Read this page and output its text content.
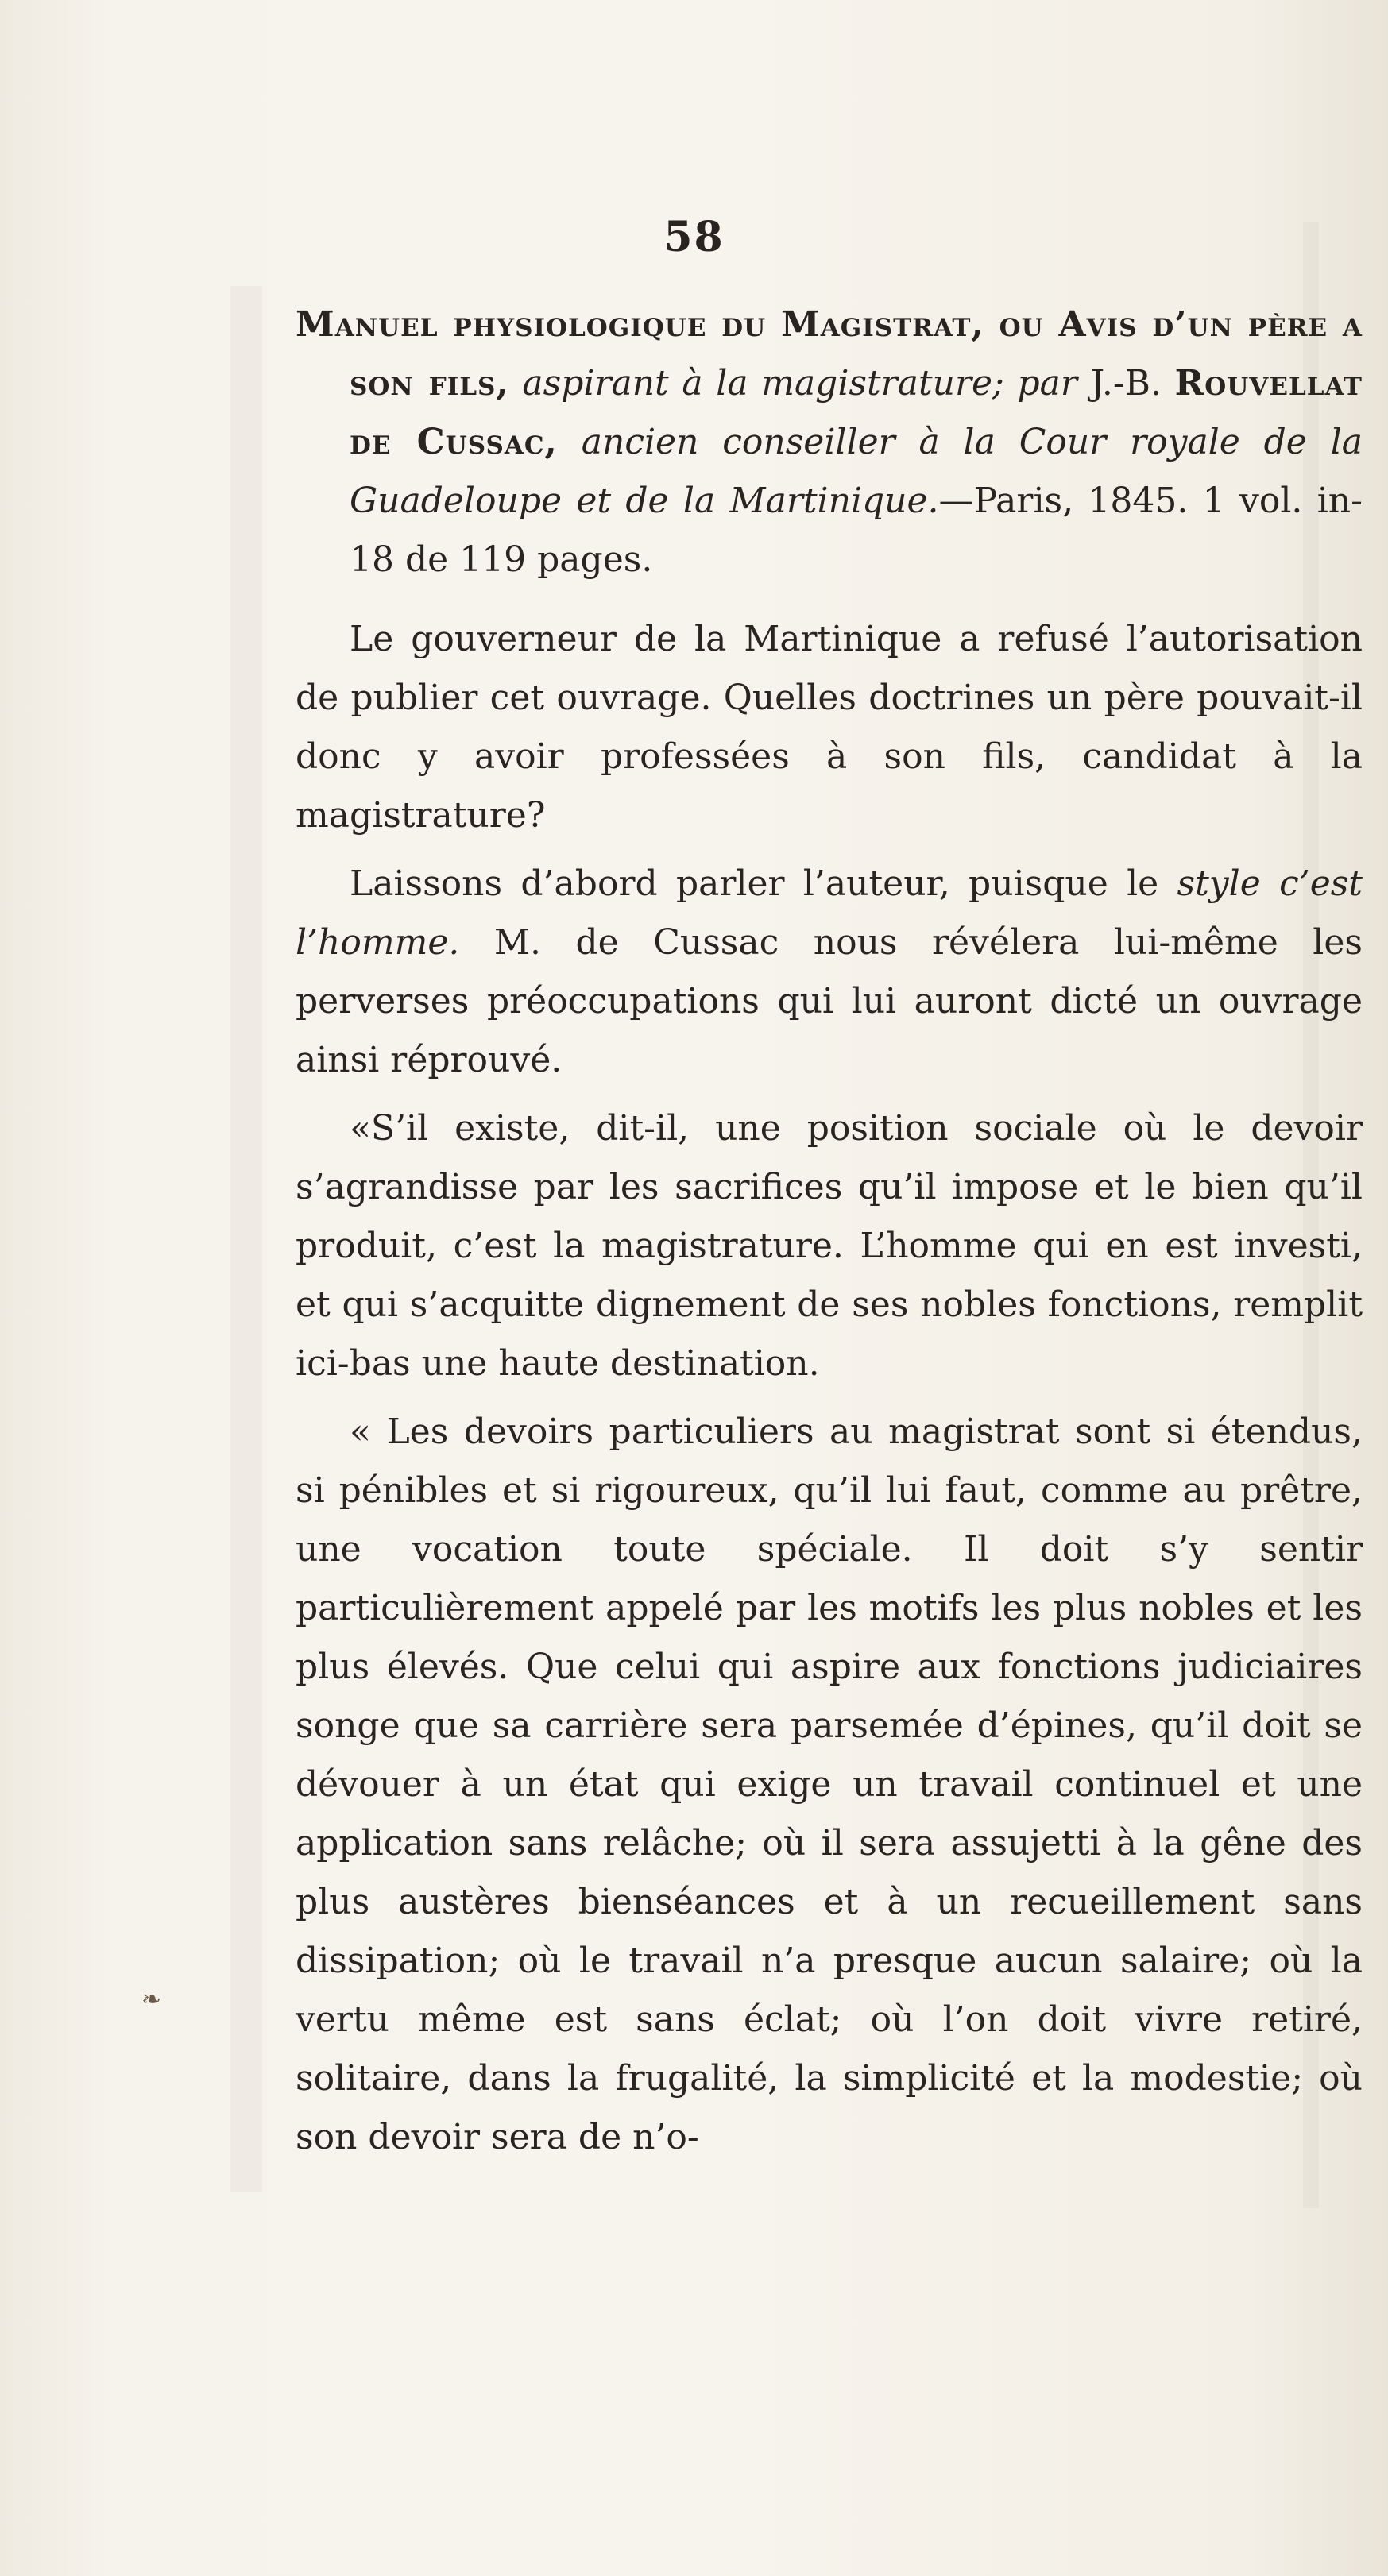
58

Manuel physiologique du Magistrat, ou Avis d’un père a son fils, aspirant à la magistrature; par J.-B. Rouvellat de Cussac, ancien conseiller à la Cour royale de la Guadeloupe et de la Martinique.—Paris, 1845. 1 vol. in-18 de 119 pages.

Le gouverneur de la Martinique a refusé l’autorisation de publier cet ouvrage. Quelles doctrines un père pouvait-il donc y avoir professées à son fils, candidat à la magistrature?

Laissons d’abord parler l’auteur, puisque le style c’est l’homme. M. de Cussac nous révélera lui-même les perverses préoccupations qui lui auront dicté un ouvrage ainsi réprouvé.

«S’il existe, dit-il, une position sociale où le devoir s’agrandisse par les sacrifices qu’il impose et le bien qu’il produit, c’est la magistrature. L’homme qui en est investi, et qui s’acquitte dignement de ses nobles fonctions, remplit ici-bas une haute destination.

« Les devoirs particuliers au magistrat sont si étendus, si pénibles et si rigoureux, qu’il lui faut, comme au prêtre, une vocation toute spéciale. Il doit s’y sentir particulièrement appelé par les motifs les plus nobles et les plus élevés. Que celui qui aspire aux fonctions judiciaires songe que sa carrière sera parsemée d’épines, qu’il doit se dévouer à un état qui exige un travail continuel et une application sans relâche; où il sera assujetti à la gêne des plus austères bienséances et à un recueillement sans dissipation; où le travail n’a presque aucun salaire; où la vertu même est sans éclat; où l’on doit vivre retiré, solitaire, dans la frugalité, la simplicité et la modestie; où son devoir sera de n’o-

❧
